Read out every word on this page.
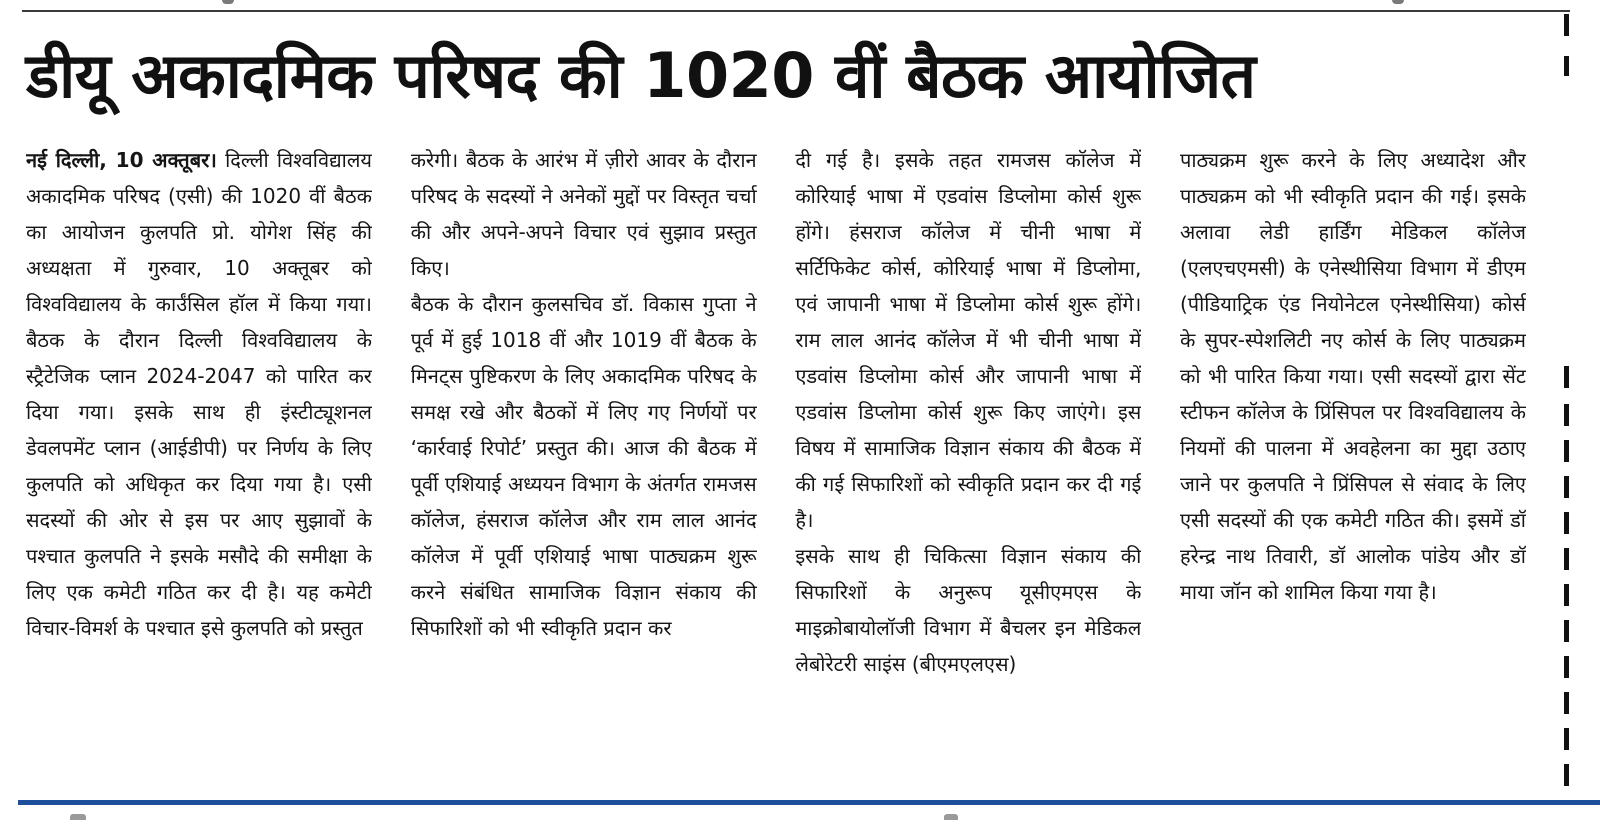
डीयू अकादमिक परिषद की 1020 वीं बैठक आयोजित

नई दिल्ली, 10 अक्तूबर। दिल्ली विश्वविद्यालय अकादमिक परिषद (एसी) की 1020 वीं बैठक का आयोजन कुलपति प्रो. योगेश सिंह की अध्यक्षता में गुरुवार, 10 अक्तूबर को विश्वविद्यालय के कार्उंसिल हॉल में किया गया। बैठक के दौरान दिल्ली विश्वविद्यालय के स्ट्रैटेजिक प्लान 2024-2047 को पारित कर दिया गया। इसके साथ ही इंस्टीट्यूशनल डेवलपमेंट प्लान (आईडीपी) पर निर्णय के लिए कुलपति को अधिकृत कर दिया गया है। एसी सदस्यों की ओर से इस पर आए सुझावों के पश्चात कुलपति ने इसके मसौदे की समीक्षा के लिए एक कमेटी गठित कर दी है। यह कमेटी विचार-विमर्श के पश्चात इसे कुलपति को प्रस्तुत

करेगी। बैठक के आरंभ में ज़ीरो आवर के दौरान परिषद के सदस्यों ने अनेकों मुद्दों पर विस्तृत चर्चा की और अपने-अपने विचार एवं सुझाव प्रस्तुत किए।

बैठक के दौरान कुलसचिव डॉ. विकास गुप्ता ने पूर्व में हुई 1018 वीं और 1019 वीं बैठक के मिनट्स पुष्टिकरण के लिए अकादमिक परिषद के समक्ष रखे और बैठकों में लिए गए निर्णयों पर ‘कार्रवाई रिपोर्ट’ प्रस्तुत की। आज की बैठक में पूर्वी एशियाई अध्ययन विभाग के अंतर्गत रामजस कॉलेज, हंसराज कॉलेज और राम लाल आनंद कॉलेज में पूर्वी एशियाई भाषा पाठ्यक्रम शुरू करने संबंधित सामाजिक विज्ञान संकाय की सिफारिशों को भी स्वीकृति प्रदान कर

दी गई है। इसके तहत रामजस कॉलेज में कोरियाई भाषा में एडवांस डिप्लोमा कोर्स शुरू होंगे। हंसराज कॉलेज में चीनी भाषा में सर्टिफिकेट कोर्स, कोरियाई भाषा में डिप्लोमा, एवं जापानी भाषा में डिप्लोमा कोर्स शुरू होंगे। राम लाल आनंद कॉलेज में भी चीनी भाषा में एडवांस डिप्लोमा कोर्स और जापानी भाषा में एडवांस डिप्लोमा कोर्स शुरू किए जाएंगे। इस विषय में सामाजिक विज्ञान संकाय की बैठक में की गई सिफारिशों को स्वीकृति प्रदान कर दी गई है।

इसके साथ ही चिकित्सा विज्ञान संकाय की सिफारिशों के अनुरूप यूसीएमएस के माइक्रोबायोलॉजी विभाग में बैचलर इन मेडिकल लेबोरेटरी साइंस (बीएमएलएस)

पाठ्यक्रम शुरू करने के लिए अध्यादेश और पाठ्यक्रम को भी स्वीकृति प्रदान की गई। इसके अलावा लेडी हार्डिंग मेडिकल कॉलेज (एलएचएमसी) के एनेस्थीसिया विभाग में डीएम (पीडियाट्रिक एंड नियोनेटल एनेस्थीसिया) कोर्स के सुपर-स्पेशलिटी नए कोर्स के लिए पाठ्यक्रम को भी पारित किया गया। एसी सदस्यों द्वारा सेंट स्टीफन कॉलेज के प्रिंसिपल पर विश्वविद्यालय के नियमों की पालना में अवहेलना का मुद्दा उठाए जाने पर कुलपति ने प्रिंसिपल से संवाद के लिए एसी सदस्यों की एक कमेटी गठित की। इसमें डॉ हरेन्द्र नाथ तिवारी, डॉ आलोक पांडेय और डॉ माया जॉन को शामिल किया गया है।
